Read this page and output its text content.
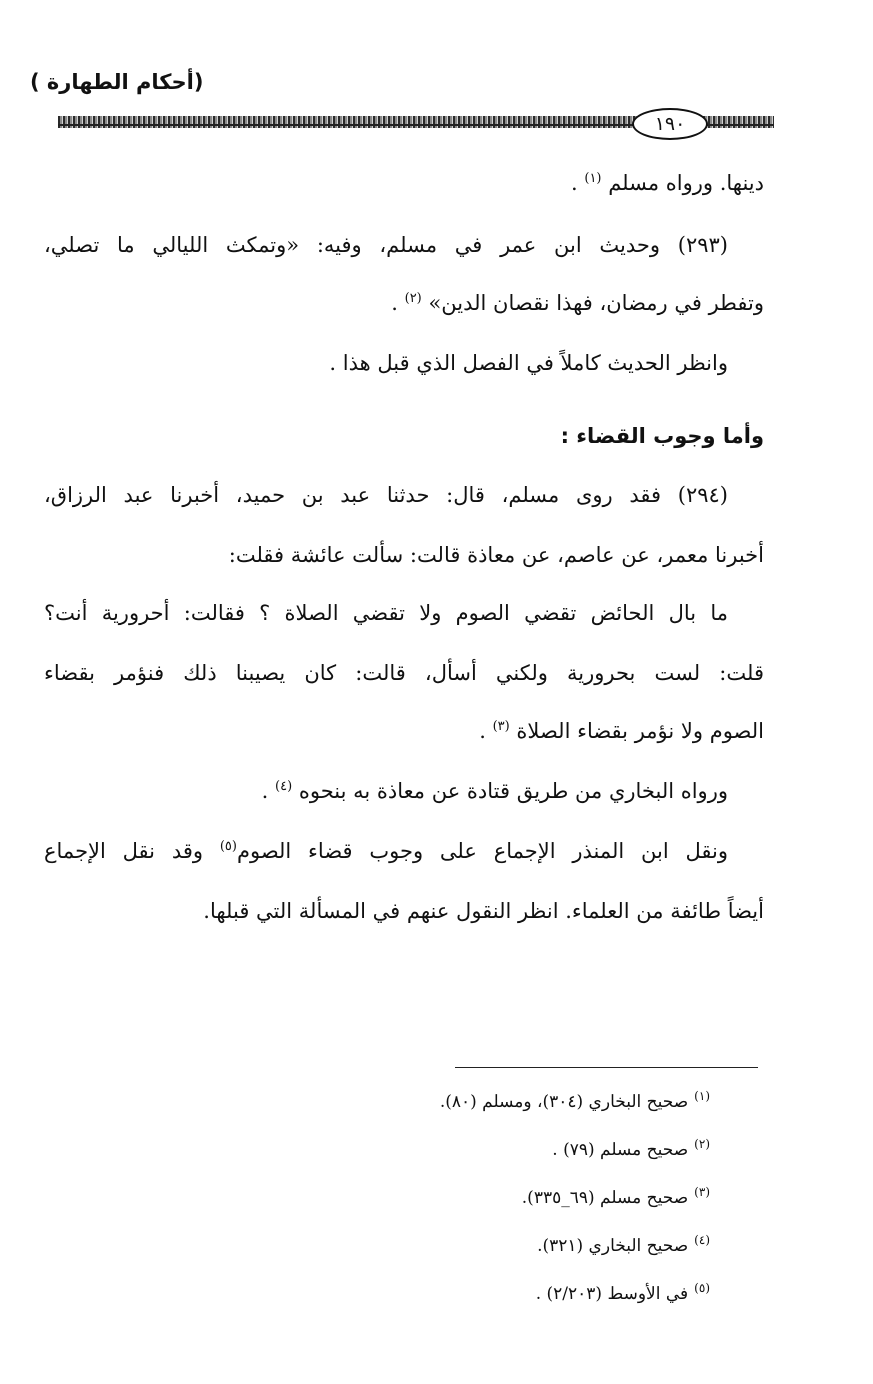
(أحكام الطهارة )
١٩٠
دينها. ورواه مسلم $^{(١)}$ .
(٢٩٣) وحديث ابن عمر في مسلم، وفيه: «وتمكث الليالي ما تصلي،
وتفطر في رمضان، فهذا نقصان الدين» $^{(٢)}$ .
وانظر الحديث كاملاً في الفصل الذي قبل هذا .
وأما وجوب القضاء :
(٢٩٤) فقد روى مسلم، قال: حدثنا عبد بن حميد، أخبرنا عبد الرزاق،
أخبرنا معمر، عن عاصم، عن معاذة قالت: سألت عائشة فقلت:
ما بال الحائض تقضي الصوم ولا تقضي الصلاة ؟ فقالت: أحرورية أنت؟
قلت: لست بحرورية ولكني أسأل، قالت: كان يصيبنا ذلك فنؤمر بقضاء
الصوم ولا نؤمر بقضاء الصلاة $^{(٣)}$ .
ورواه البخاري من طريق قتادة عن معاذة به بنحوه $^{(٤)}$ .
ونقل ابن المنذر الإجماع على وجوب قضاء الصوم$^{(٥)}$ وقد نقل الإجماع
أيضاً طائفة من العلماء. انظر النقول عنهم في المسألة التي قبلها.
$^{(١)}$صحيح البخاري (٣٠٤)، ومسلم (٨٠).
$^{(٢)}$صحيح مسلم (٧٩) .
$^{(٣)}$صحيح مسلم (٦٩_٣٣٥).
$^{(٤)}$صحيح البخاري (٣٢١).
$^{(٥)}$في الأوسط (٢/٢٠٣) .
